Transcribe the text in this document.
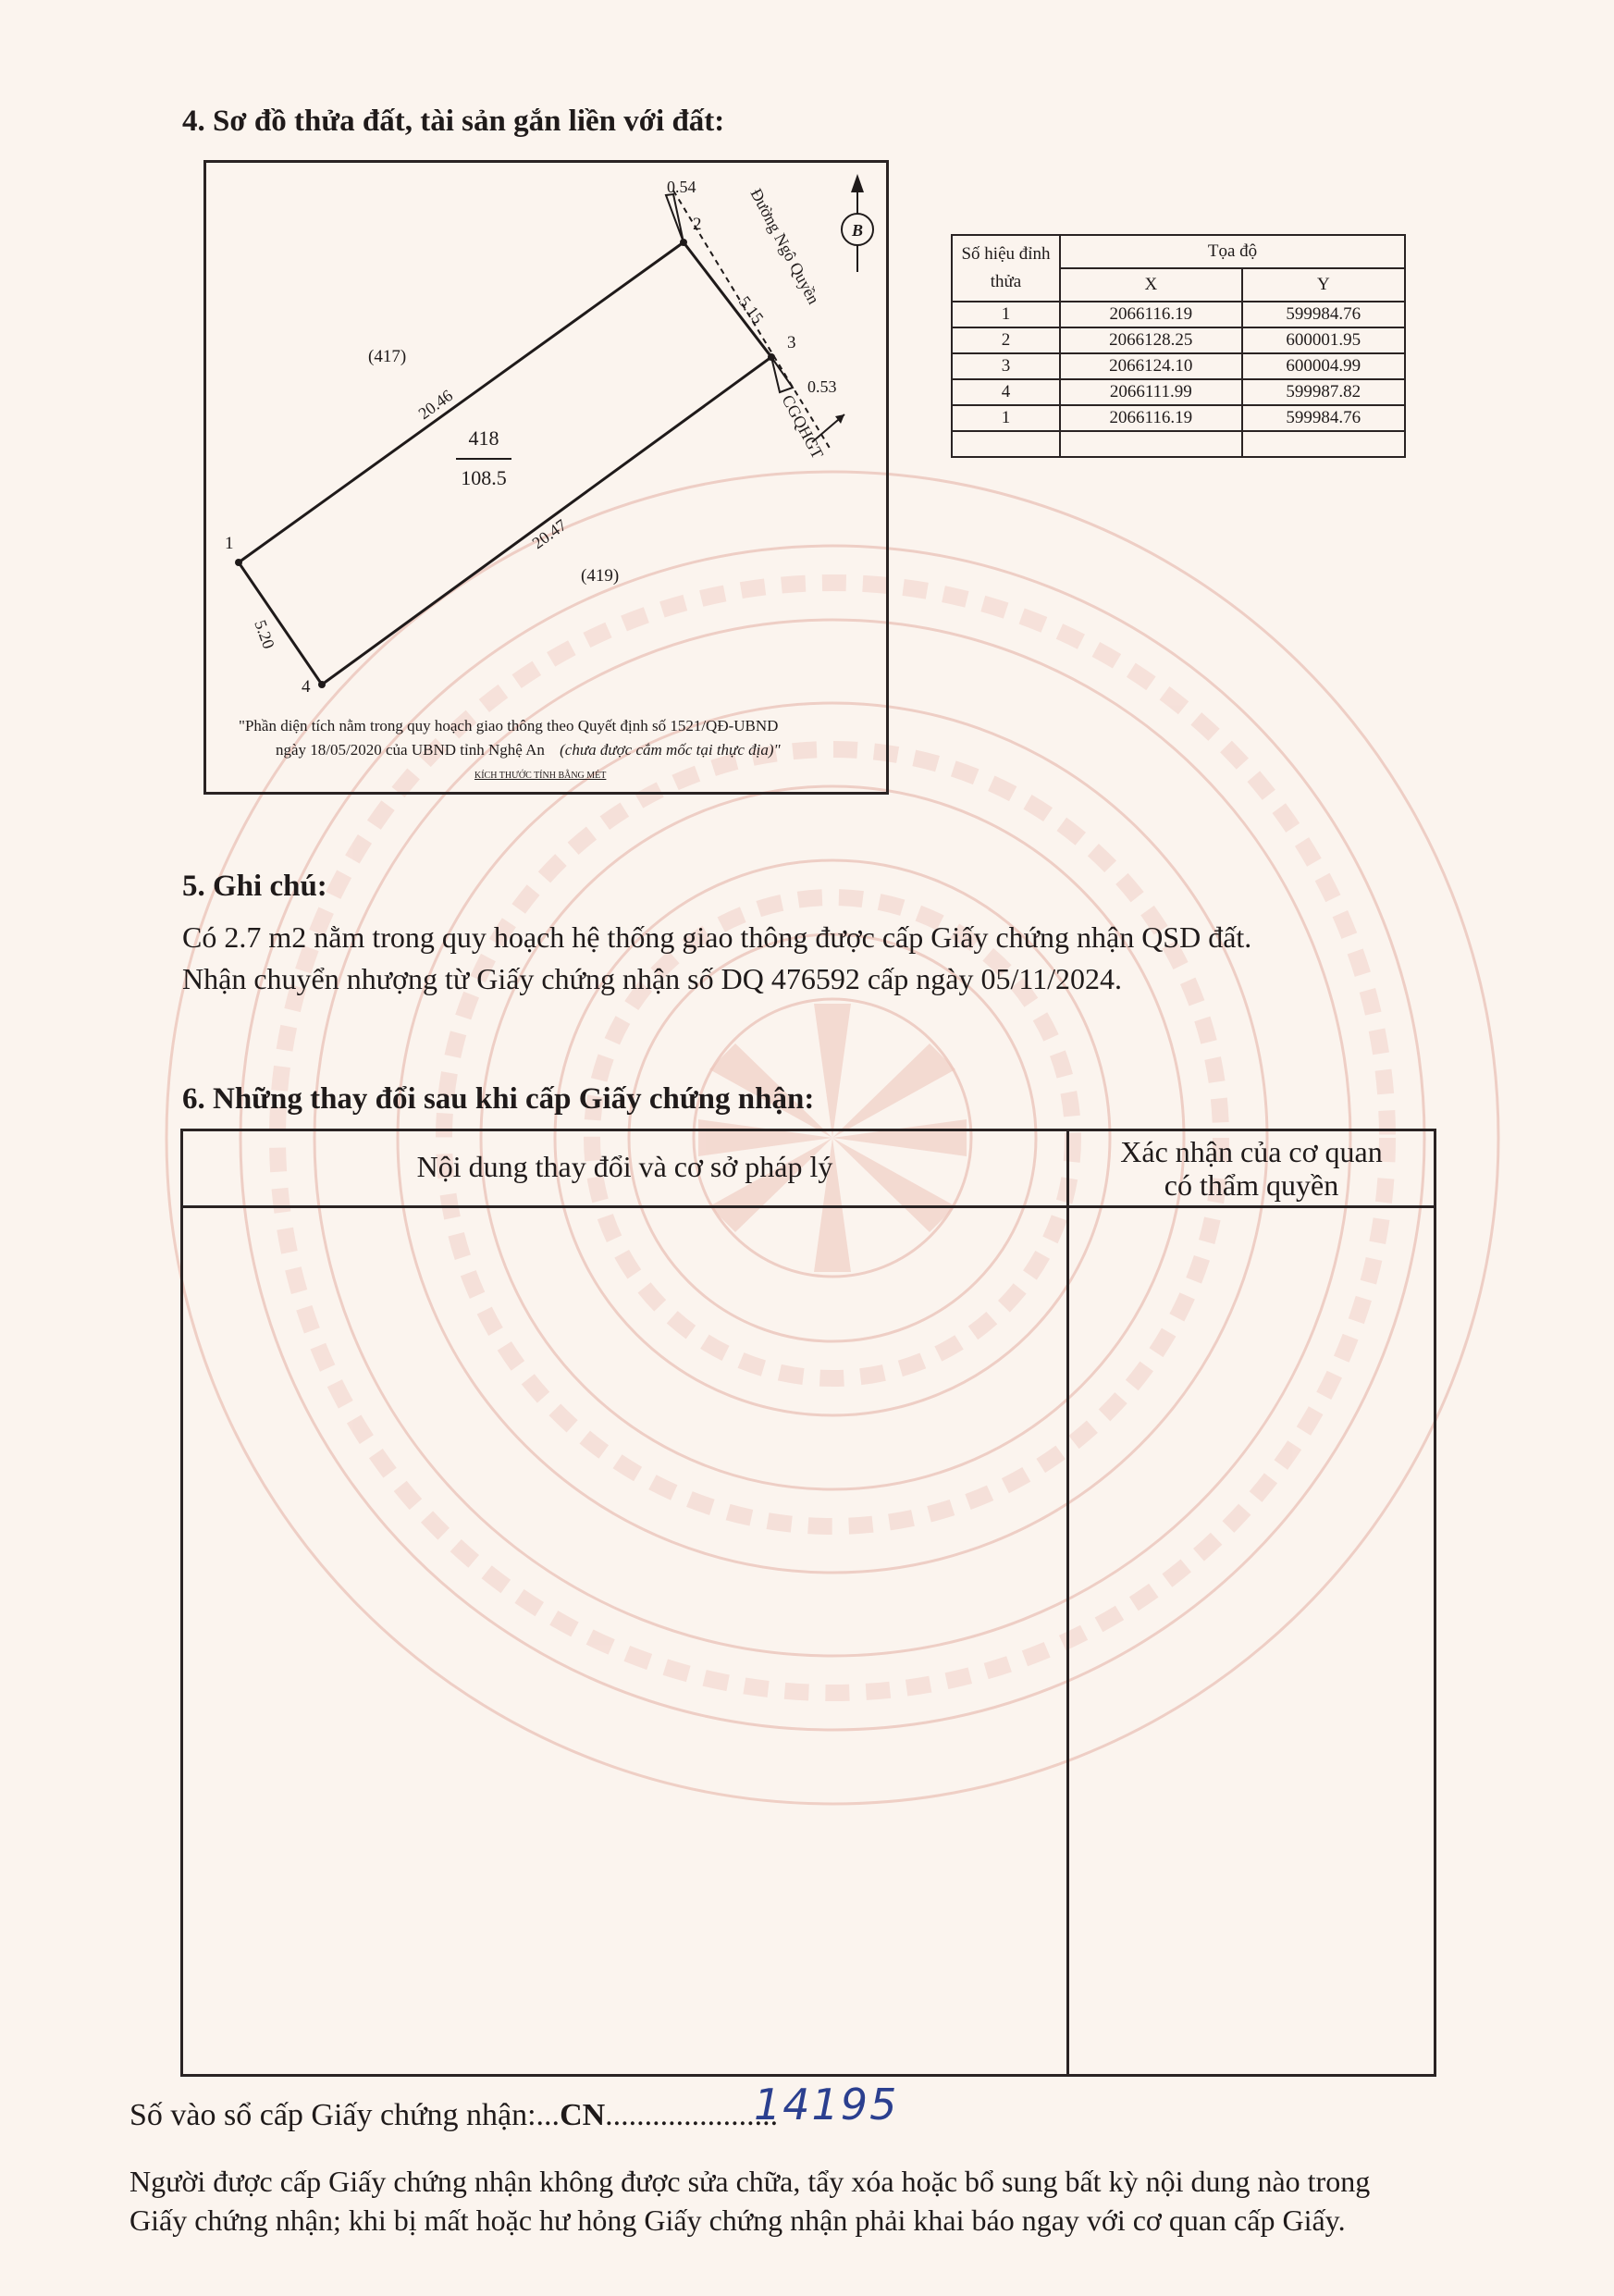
4. Sơ đồ thửa đất, tài sản gắn liền với đất:
1
2
3
4
0.54
0.53
20.46
5.15
20.47
5.20
418
108.5
(417)
(419)
Đường Ngô Quyền
CGQHGT
B
"Phần diện tích nằm trong quy hoạch giao thông theo Quyết định số 1521/QĐ-UBND
ngày 18/05/2020 của UBND tỉnh Nghệ An (chưa được cắm mốc tại thực địa)"
KÍCH THƯỚC TÍNH BẰNG MÉT
Số hiệu đỉnh thửa	Tọa độ	
	X	Y
1	2066116.19	599984.76
2	2066128.25	600001.95
3	2066124.10	600004.99
4	2066111.99	599987.82
1	2066116.19	599984.76

5. Ghi chú:
Có 2.7 m2 nằm trong quy hoạch hệ thống giao thông được cấp Giấy chứng nhận QSD đất.
Nhận chuyển nhượng từ Giấy chứng nhận số DQ 476592 cấp ngày 05/11/2024.
6. Những thay đổi sau khi cấp Giấy chứng nhận:
Nội dung thay đổi và cơ sở pháp lý	Xác nhận của cơ quan
có thẩm quyền
Số vào sổ cấp Giấy chứng nhận:...CN......................
14195
Người được cấp Giấy chứng nhận không được sửa chữa, tẩy xóa hoặc bổ sung bất kỳ nội dung nào trong
Giấy chứng nhận; khi bị mất hoặc hư hỏng Giấy chứng nhận phải khai báo ngay với cơ quan cấp Giấy.
